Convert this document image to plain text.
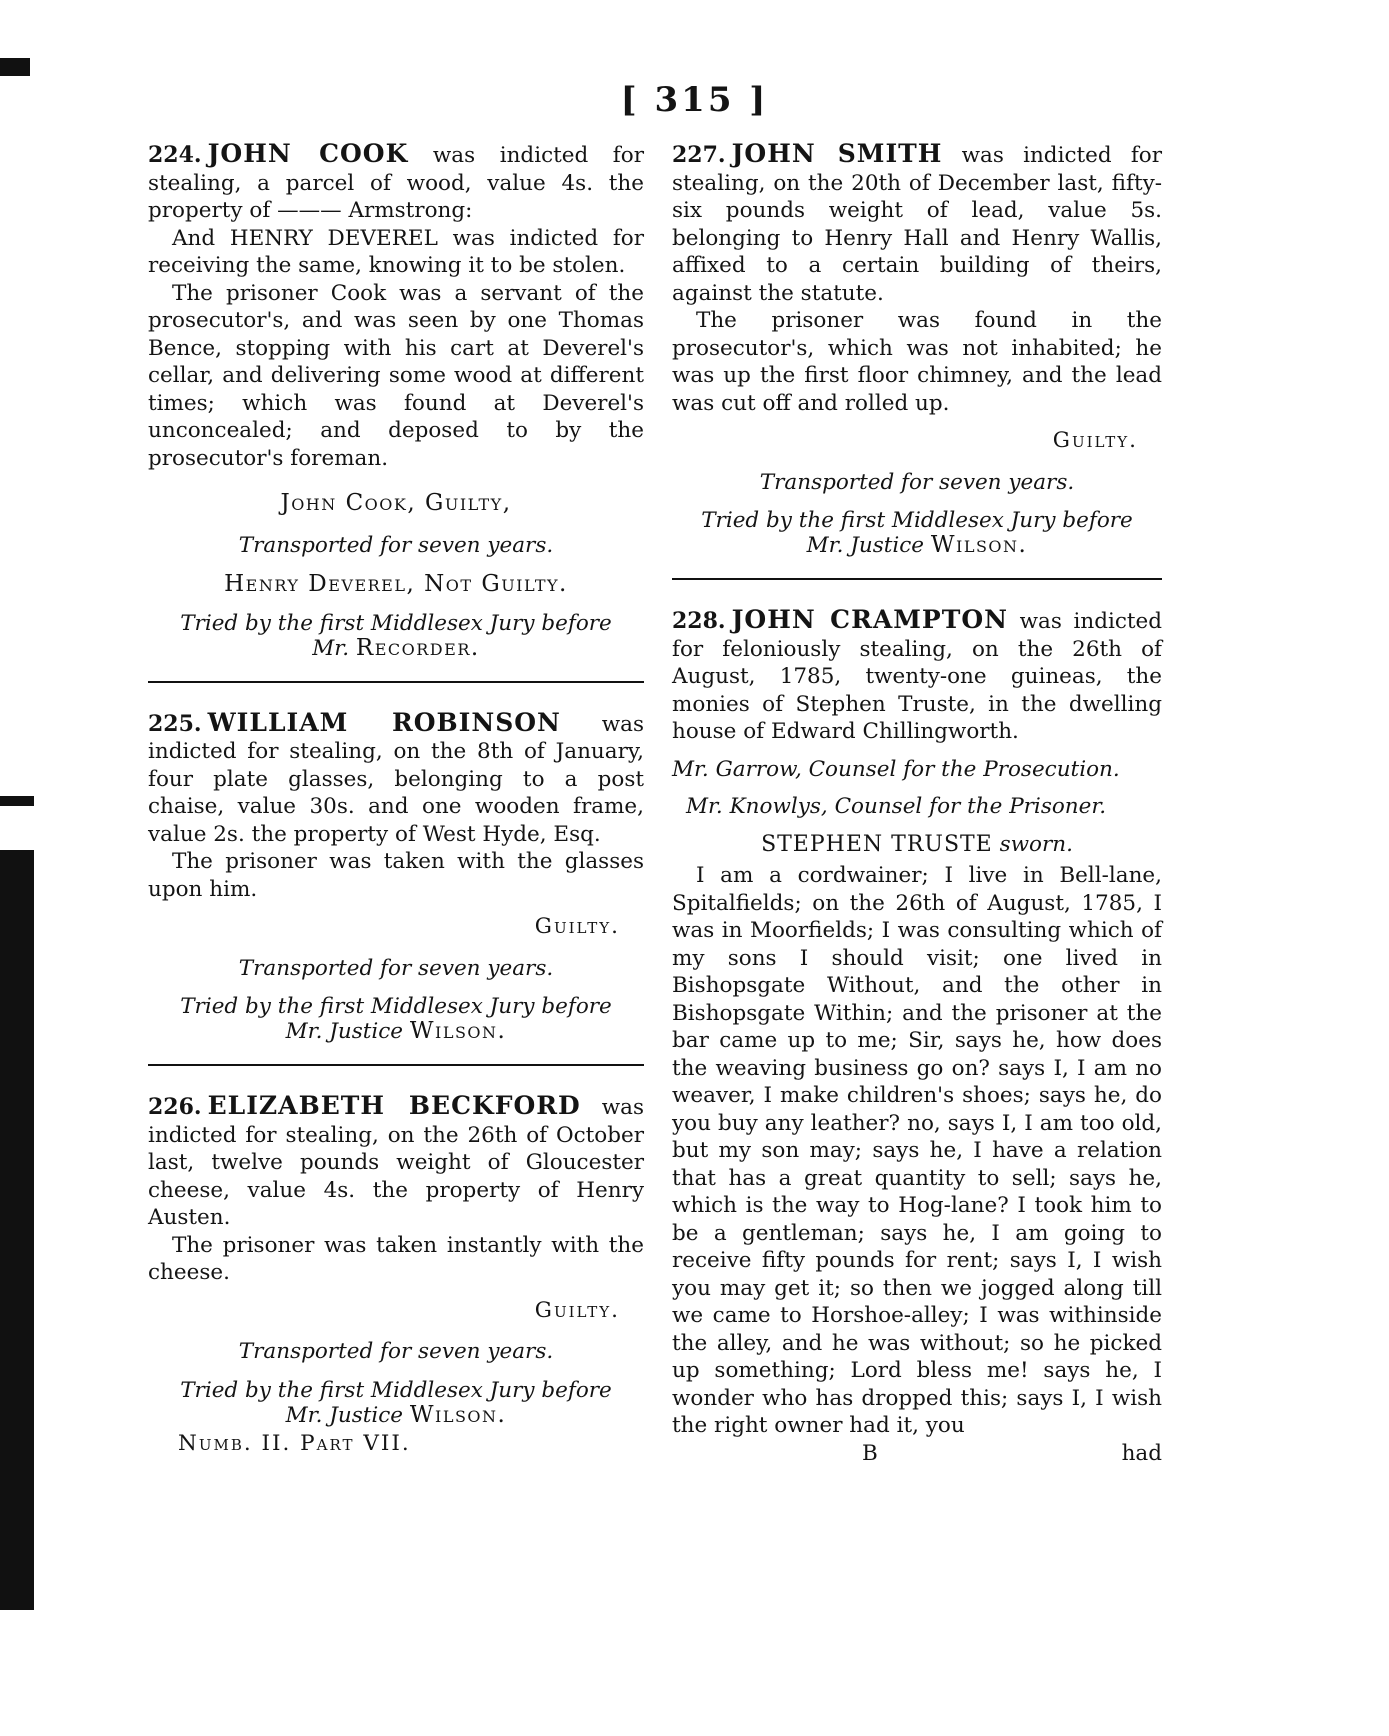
[ 315 ]

224. JOHN COOK was indicted for stealing, a parcel of wood, value 4s. the property of ——— Armstrong:

And HENRY DEVEREL was indicted for receiving the same, knowing it to be stolen.

The prisoner Cook was a servant of the prosecutor's, and was seen by one Thomas Bence, stopping with his cart at Deverel's cellar, and delivering some wood at different times; which was found at Deverel's unconcealed; and deposed to by the prosecutor's foreman.

John Cook, Guilty,

Transported for seven years.

Henry Deverel, Not Guilty.

Tried by the first Middlesex Jury before
Mr. Recorder.

225. WILLIAM ROBINSON was indicted for stealing, on the 8th of January, four plate glasses, belonging to a post chaise, value 30s. and one wooden frame, value 2s. the property of West Hyde, Esq.

The prisoner was taken with the glasses upon him.

Guilty.

Transported for seven years.

Tried by the first Middlesex Jury before
Mr. Justice Wilson.

226. ELIZABETH BECKFORD was indicted for stealing, on the 26th of October last, twelve pounds weight of Gloucester cheese, value 4s. the property of Henry Austen.

The prisoner was taken instantly with the cheese.

Guilty.

Transported for seven years.

Tried by the first Middlesex Jury before
Mr. Justice Wilson.
Numb. II. Part VII.

227. JOHN SMITH was indicted for stealing, on the 20th of December last, fifty-six pounds weight of lead, value 5s. belonging to Henry Hall and Henry Wallis, affixed to a certain building of theirs, against the statute.

The prisoner was found in the prosecutor's, which was not inhabited; he was up the first floor chimney, and the lead was cut off and rolled up.

Guilty.

Transported for seven years.

Tried by the first Middlesex Jury before
Mr. Justice Wilson.

228. JOHN CRAMPTON was indicted for feloniously stealing, on the 26th of August, 1785, twenty-one guineas, the monies of Stephen Truste, in the dwelling house of Edward Chillingworth.

Mr. Garrow, Counsel for the Prosecution.

Mr. Knowlys, Counsel for the Prisoner.

STEPHEN TRUSTE sworn.

I am a cordwainer; I live in Bell-lane, Spitalfields; on the 26th of August, 1785, I was in Moorfields; I was consulting which of my sons I should visit; one lived in Bishopsgate Without, and the other in Bishopsgate Within; and the prisoner at the bar came up to me; Sir, says he, how does the weaving business go on? says I, I am no weaver, I make children's shoes; says he, do you buy any leather? no, says I, I am too old, but my son may; says he, I have a relation that has a great quantity to sell; says he, which is the way to Hog-lane? I took him to be a gentleman; says he, I am going to receive fifty pounds for rent; says I, I wish you may get it; so then we jogged along till we came to Horshoe-alley; I was withinside the alley, and he was without; so he picked up something; Lord bless me! says he, I wonder who has dropped this; says I, I wish the right owner had it, you

B	had
